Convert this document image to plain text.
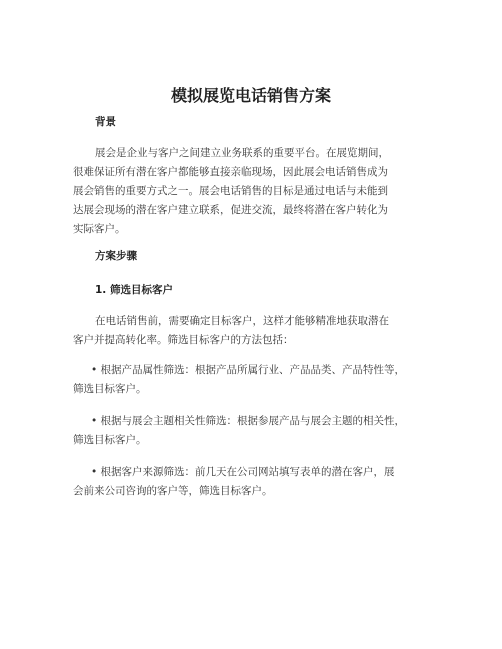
模拟展览电话销售方案
背景
展会是企业与客户之间建立业务联系的重要平台。在展览期间，
很难保证所有潜在客户都能够直接亲临现场，因此展会电话销售成为
展会销售的重要方式之一。展会电话销售的目标是通过电话与未能到
达展会现场的潜在客户建立联系，促进交流，最终将潜在客户转化为
实际客户。
方案步骤
1. 筛选目标客户
在电话销售前，需要确定目标客户，这样才能够精准地获取潜在
客户并提高转化率。筛选目标客户的方法包括：
• 根据产品属性筛选：根据产品所属行业、产品品类、产品特性等，
筛选目标客户。
• 根据与展会主题相关性筛选：根据参展产品与展会主题的相关性，
筛选目标客户。
• 根据客户来源筛选：前几天在公司网站填写表单的潜在客户，展
会前来公司咨询的客户等，筛选目标客户。
